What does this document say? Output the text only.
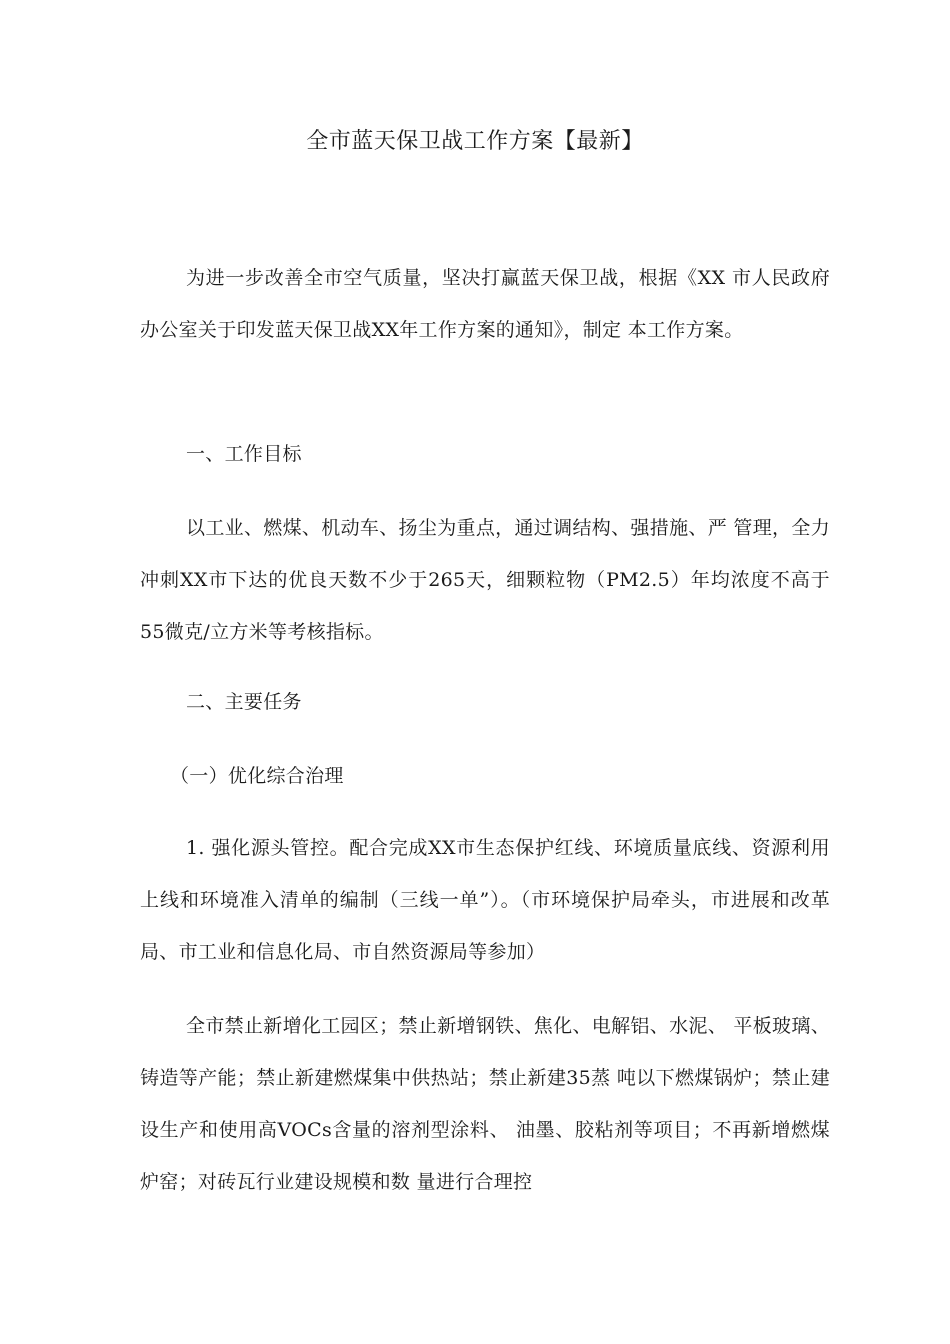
全市蓝天保卫战工作方案【最新】
为进一步改善全市空气质量，坚决打赢蓝天保卫战，根据《XX 市人民政府办公室关于印发蓝天保卫战XX年工作方案的通知》，制定 本工作方案。
一、工作目标
以工业、燃煤、机动车、扬尘为重点，通过调结构、强措施、严 管理，全力冲刺XX市下达的优良天数不少于265天，细颗粒物（PM2.5）年均浓度不高于55微克/立方米等考核指标。
二、主要任务
（一）优化综合治理
1. 强化源头管控。配合完成XX市生态保护红线、环境质量底线、资源利用上线和环境准入清单的编制（三线一单”）。（市环境保护局牵头，市进展和改革局、市工业和信息化局、市自然资源局等参加）
全市禁止新增化工园区；禁止新增钢铁、焦化、电解铝、水泥、 平板玻璃、铸造等产能；禁止新建燃煤集中供热站；禁止新建35蒸 吨以下燃煤锅炉；禁止建设生产和使用高VOCs含量的溶剂型涂料、 油墨、胶粘剂等项目；不再新增燃煤炉窑；对砖瓦行业建设规模和数 量进行合理控
